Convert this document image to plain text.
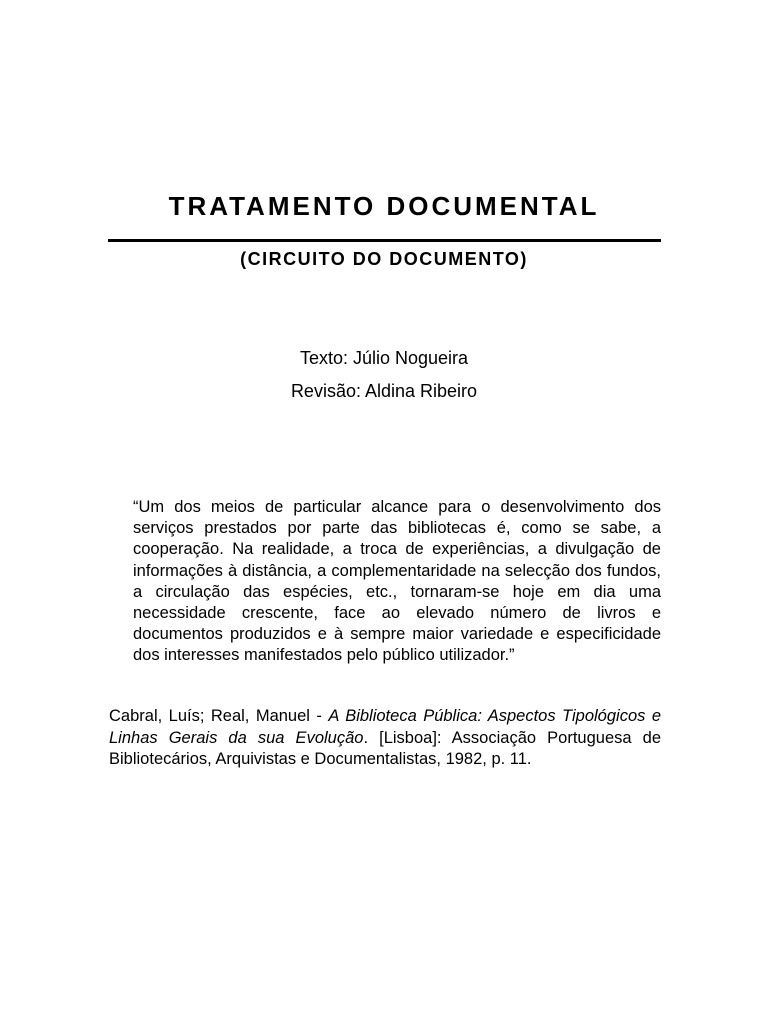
TRATAMENTO DOCUMENTAL
(CIRCUITO DO DOCUMENTO)

Texto: Júlio Nogueira

Revisão: Aldina Ribeiro

“Um dos meios de particular alcance para o desenvolvimento dos serviços prestados por parte das bibliotecas é, como se sabe, a cooperação. Na realidade, a troca de experiências, a divulgação de informações à distância, a complementaridade na selecção dos fundos, a circulação das espécies, etc., tornaram-se hoje em dia uma necessidade crescente, face ao elevado número de livros e documentos produzidos e à sempre maior variedade e especificidade dos interesses manifestados pelo público utilizador.”

Cabral, Luís; Real, Manuel - A Biblioteca Pública: Aspectos Tipológicos e Linhas Gerais da sua Evolução. [Lisboa]: Associação Portuguesa de Bibliotecários, Arquivistas e Documentalistas, 1982, p. 11.
